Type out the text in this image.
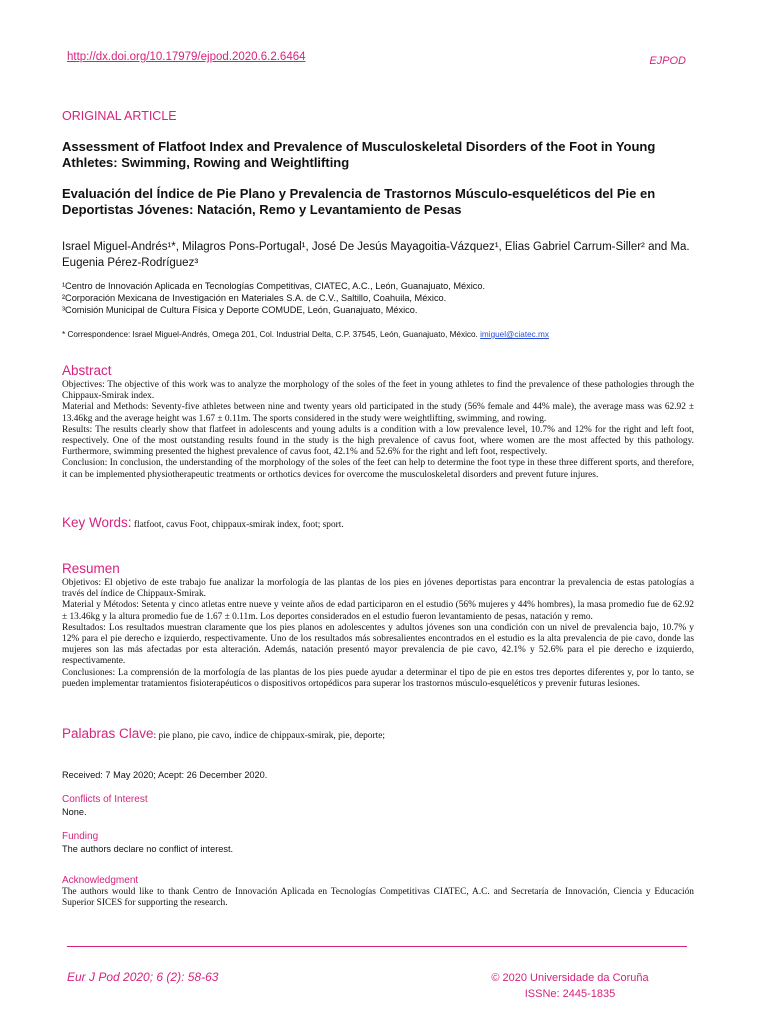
http://dx.doi.org/10.17979/ejpod.2020.6.2.6464	EJPOD
ORIGINAL ARTICLE
Assessment of Flatfoot Index and Prevalence of Musculoskeletal Disorders of the Foot in Young Athletes: Swimming, Rowing and Weightlifting
Evaluación del Índice de Pie Plano y Prevalencia de Trastornos Músculo-esqueléticos del Pie en Deportistas Jóvenes: Natación, Remo y Levantamiento de Pesas
Israel Miguel-Andrés¹*, Milagros Pons-Portugal¹, José De Jesús Mayagoitia-Vázquez¹, Elias Gabriel Carrum-Siller² and Ma. Eugenia Pérez-Rodríguez³
¹Centro de Innovación Aplicada en Tecnologías Competitivas, CIATEC, A.C., León, Guanajuato, México.
²Corporación Mexicana de Investigación en Materiales S.A. de C.V., Saltillo, Coahuila, México.
³Comisión Municipal de Cultura Física y Deporte COMUDE, León, Guanajuato, México.
* Correspondence: Israel Miguel-Andrés, Omega 201, Col. Industrial Delta, C.P. 37545, León, Guanajuato, México. imiguel@ciatec.mx
Abstract
Objectives: The objective of this work was to analyze the morphology of the soles of the feet in young athletes to find the prevalence of these pathologies through the Chippaux-Smirak index.
Material and Methods: Seventy-five athletes between nine and twenty years old participated in the study (56% female and 44% male), the average mass was 62.92 ± 13.46kg and the average height was 1.67 ± 0.11m. The sports considered in the study were weightlifting, swimming, and rowing.
Results: The results clearly show that flatfeet in adolescents and young adults is a condition with a low prevalence level, 10.7% and 12% for the right and left foot, respectively. One of the most outstanding results found in the study is the high prevalence of cavus foot, where women are the most affected by this pathology. Furthermore, swimming presented the highest prevalence of cavus foot, 42.1% and 52.6% for the right and left foot, respectively.
Conclusion: In conclusion, the understanding of the morphology of the soles of the feet can help to determine the foot type in these three different sports, and therefore, it can be implemented physiotherapeutic treatments or orthotics devices for overcome the musculoskeletal disorders and prevent future injures.
Key Words: flatfoot, cavus Foot, chippaux-smirak index, foot; sport.
Resumen
Objetivos: El objetivo de este trabajo fue analizar la morfología de las plantas de los pies en jóvenes deportistas para encontrar la prevalencia de estas patologías a través del índice de Chippaux-Smirak.
Material y Métodos: Setenta y cinco atletas entre nueve y veinte años de edad participaron en el estudio (56% mujeres y 44% hombres), la masa promedio fue de 62.92 ± 13.46kg y la altura promedio fue de 1.67 ± 0.11m. Los deportes considerados en el estudio fueron levantamiento de pesas, natación y remo.
Resultados: Los resultados muestran claramente que los pies planos en adolescentes y adultos jóvenes son una condición con un nivel de prevalencia bajo, 10.7% y 12% para el pie derecho e izquierdo, respectivamente. Uno de los resultados más sobresalientes encontrados en el estudio es la alta prevalencia de pie cavo, donde las mujeres son las más afectadas por esta alteración. Además, natación presentó mayor prevalencia de pie cavo, 42.1% y 52.6% para el pie derecho e izquierdo, respectivamente.
Conclusiones: La comprensión de la morfología de las plantas de los pies puede ayudar a determinar el tipo de pie en estos tres deportes diferentes y, por lo tanto, se pueden implementar tratamientos fisioterapéuticos o dispositivos ortopédicos para superar los trastornos músculo-esqueléticos y prevenir futuras lesiones.
Palabras Clave: pie plano, pie cavo, índice de chippaux-smirak, pie, deporte;
Received: 7 May 2020; Acept: 26 December 2020.
Conflicts of Interest
None.
Funding
The authors declare no conflict of interest.
Acknowledgment
The authors would like to thank Centro de Innovación Aplicada en Tecnologías Competitivas CIATEC, A.C. and Secretaría de Innovación, Ciencia y Educación Superior SICES for supporting the research.
Eur J Pod 2020; 6 (2): 58-63	© 2020 Universidade da Coruña
ISSNe: 2445-1835
